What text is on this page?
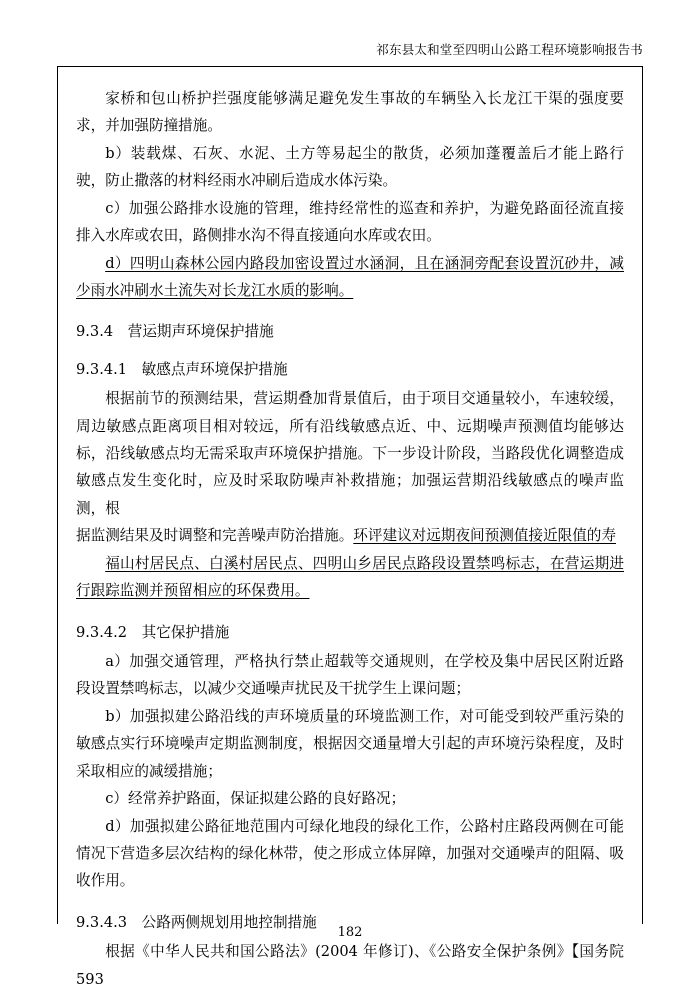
祁东县太和堂至四明山公路工程环境影响报告书

家桥和包山桥护拦强度能够满足避免发生事故的车辆坠入长龙江干渠的强度要求，并加强防撞措施。

b）装载煤、石灰、水泥、土方等易起尘的散货，必须加蓬覆盖后才能上路行驶，防止撒落的材料经雨水冲刷后造成水体污染。

c）加强公路排水设施的管理，维持经常性的巡查和养护，为避免路面径流直接排入水库或农田，路侧排水沟不得直接通向水库或农田。

d）四明山森林公园内路段加密设置过水涵洞，且在涵洞旁配套设置沉砂井，减少雨水冲刷水土流失对长龙江水质的影响。

9.3.4　营运期声环境保护措施

9.3.4.1　敏感点声环境保护措施

根据前节的预测结果，营运期叠加背景值后，由于项目交通量较小，车速较缓，周边敏感点距离项目相对较远，所有沿线敏感点近、中、远期噪声预测值均能够达标，沿线敏感点均无需采取声环境保护措施。下一步设计阶段，当路段优化调整造成敏感点发生变化时，应及时采取防噪声补救措施；加强运营期沿线敏感点的噪声监测，根
据监测结果及时调整和完善噪声防治措施。环评建议对远期夜间预测值接近限值的寿
福山村居民点、白溪村居民点、四明山乡居民点路段设置禁鸣标志，在营运期进行跟踪监测并预留相应的环保费用。

9.3.4.2　其它保护措施

a）加强交通管理，严格执行禁止超载等交通规则，在学校及集中居民区附近路段设置禁鸣标志，以减少交通噪声扰民及干扰学生上课问题；

b）加强拟建公路沿线的声环境质量的环境监测工作，对可能受到较严重污染的敏感点实行环境噪声定期监测制度，根据因交通量增大引起的声环境污染程度，及时采取相应的减缓措施；

c）经常养护路面，保证拟建公路的良好路况；

d）加强拟建公路征地范围内可绿化地段的绿化工作，公路村庄路段两侧在可能情况下营造多层次结构的绿化林带，使之形成立体屏障，加强对交通噪声的阻隔、吸收作用。

9.3.4.3　公路两侧规划用地控制措施

根据《中华人民共和国公路法》(2004 年修订)、《公路安全保护条例》【国务院 593

182
